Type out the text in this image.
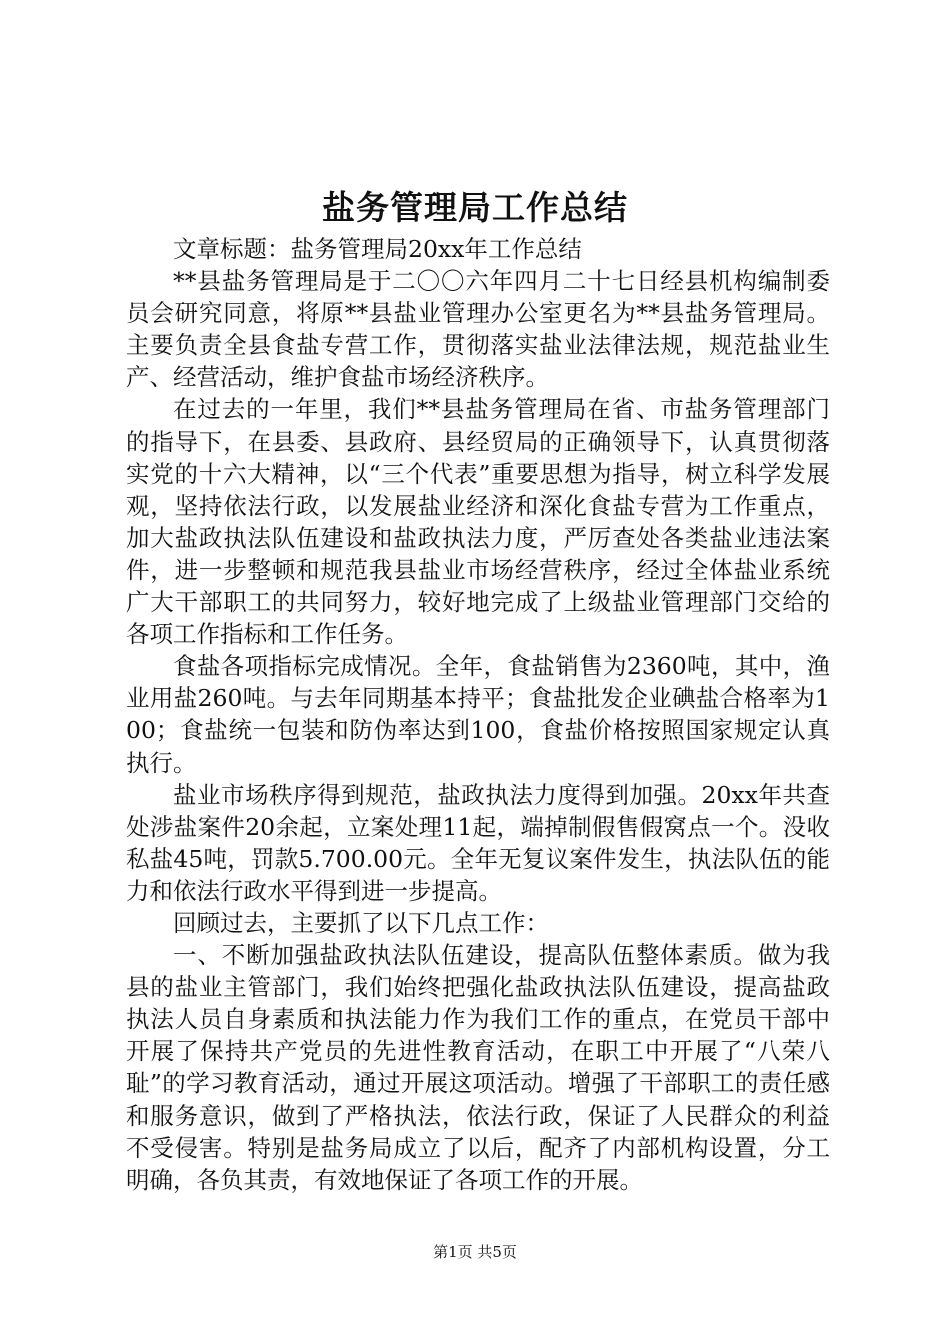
盐务管理局工作总结

文章标题：盐务管理局20xx年工作总结

**县盐务管理局是于二〇〇六年四月二十七日经县机构编制委员会研究同意，将原**县盐业管理办公室更名为**县盐务管理局。主要负责全县食盐专营工作，贯彻落实盐业法律法规，规范盐业生产、经营活动，维护食盐市场经济秩序。

在过去的一年里，我们**县盐务管理局在省、市盐务管理部门的指导下，在县委、县政府、县经贸局的正确领导下，认真贯彻落实党的十六大精神，以“三个代表”重要思想为指导，树立科学发展观，坚持依法行政，以发展盐业经济和深化食盐专营为工作重点，加大盐政执法队伍建设和盐政执法力度，严厉查处各类盐业违法案件，进一步整顿和规范我县盐业市场经营秩序，经过全体盐业系统广大干部职工的共同努力，较好地完成了上级盐业管理部门交给的各项工作指标和工作任务。

食盐各项指标完成情况。全年，食盐销售为2360吨，其中，渔业用盐260吨。与去年同期基本持平；食盐批发企业碘盐合格率为100；食盐统一包装和防伪率达到100，食盐价格按照国家规定认真执行。

盐业市场秩序得到规范，盐政执法力度得到加强。20xx年共查处涉盐案件20余起，立案处理11起，端掉制假售假窝点一个。没收私盐45吨，罚款5.700.00元。全年无复议案件发生，执法队伍的能力和依法行政水平得到进一步提高。

回顾过去，主要抓了以下几点工作：

一、不断加强盐政执法队伍建设，提高队伍整体素质。做为我县的盐业主管部门，我们始终把强化盐政执法队伍建设，提高盐政执法人员自身素质和执法能力作为我们工作的重点，在党员干部中开展了保持共产党员的先进性教育活动，在职工中开展了“八荣八耻”的学习教育活动，通过开展这项活动。增强了干部职工的责任感和服务意识，做到了严格执法，依法行政，保证了人民群众的利益不受侵害。特别是盐务局成立了以后，配齐了内部机构设置，分工明确，各负其责，有效地保证了各项工作的开展。

第1页 共5页
